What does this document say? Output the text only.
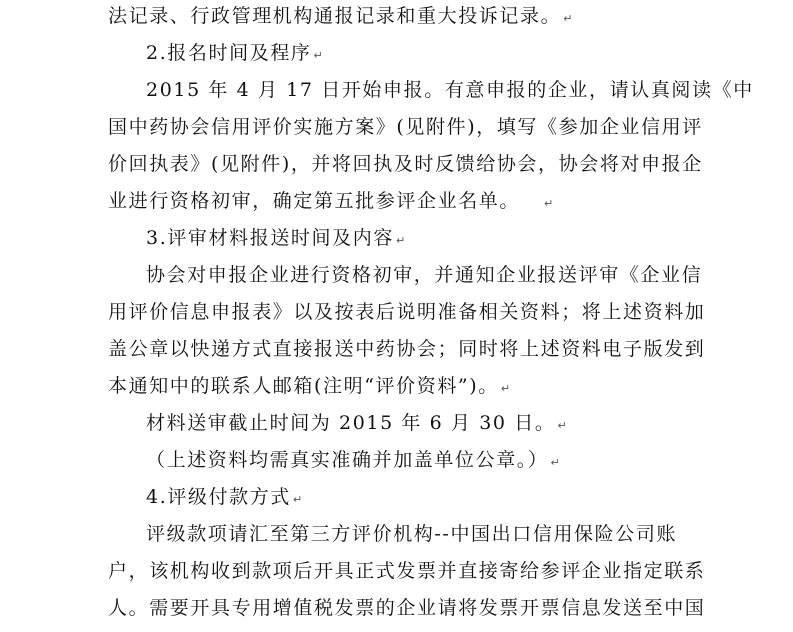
法记录、行政管理机构通报记录和重大投诉记录。 ↵
2.报名时间及程序 ↵
2015 年 4 月 17 日开始申报。有意申报的企业，请认真阅读《中
国中药协会信用评价实施方案》(见附件)，填写《参加企业信用评
价回执表》(见附件)，并将回执及时反馈给协会，协会将对申报企
业进行资格初审，确定第五批参评企业名单。 ↵
3.评审材料报送时间及内容 ↵
协会对申报企业进行资格初审，并通知企业报送评审《企业信
用评价信息申报表》以及按表后说明准备相关资料；将上述资料加
盖公章以快递方式直接报送中药协会；同时将上述资料电子版发到
本通知中的联系人邮箱(注明“评价资料”)。 ↵
材料送审截止时间为 2015 年 6 月 30 日。 ↵
（上述资料均需真实准确并加盖单位公章。） ↵
4.评级付款方式 ↵
评级款项请汇至第三方评价机构--中国出口信用保险公司账
户，该机构收到款项后开具正式发票并直接寄给参评企业指定联系
人。需要开具专用增值税发票的企业请将发票开票信息发送至中国
